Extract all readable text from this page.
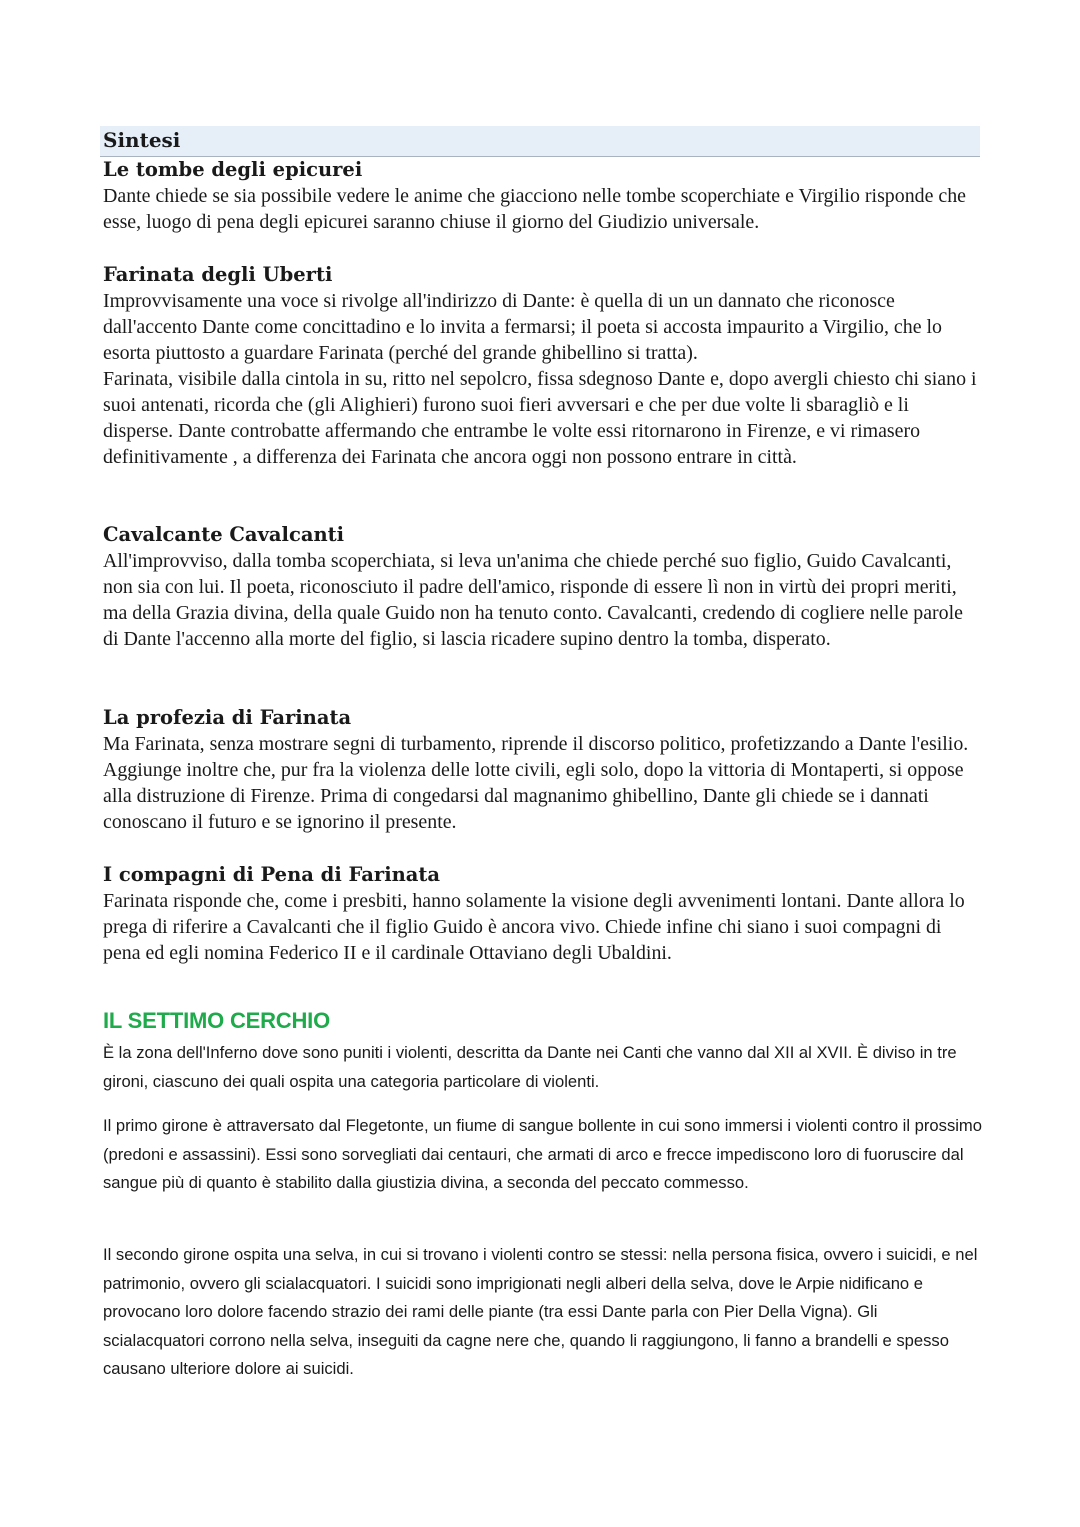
Sintesi
Le tombe degli epicurei

Dante chiede se sia possibile vedere le anime che giacciono nelle tombe scoperchiate e Virgilio risponde che esse, luogo di pena degli epicurei saranno chiuse il giorno del Giudizio universale.

Farinata degli Uberti

Improvvisamente una voce si rivolge all'indirizzo di Dante: è quella di un un dannato che riconosce dall'accento Dante come concittadino e lo invita a fermarsi; il poeta si accosta impaurito a Virgilio, che lo esorta piuttosto a guardare Farinata (perché del grande ghibellino si tratta).

Farinata, visibile dalla cintola in su, ritto nel sepolcro, fissa sdegnoso Dante e, dopo avergli chiesto chi siano i suoi antenati, ricorda che (gli Alighieri) furono suoi fieri avversari e che per due volte li sbaragliò e li disperse. Dante controbatte affermando che entrambe le volte essi ritornarono in Firenze, e vi rimasero definitivamente , a differenza dei Farinata che ancora oggi non possono entrare in città.

Cavalcante Cavalcanti

All'improvviso, dalla tomba scoperchiata, si leva un'anima che chiede perché suo figlio, Guido Cavalcanti, non sia con lui. Il poeta, riconosciuto il padre dell'amico, risponde di essere lì non in virtù dei propri meriti, ma della Grazia divina, della quale Guido non ha tenuto conto. Cavalcanti, credendo di cogliere nelle parole di Dante l'accenno alla morte del figlio, si lascia ricadere supino dentro la tomba, disperato.

La profezia di Farinata

Ma Farinata, senza mostrare segni di turbamento, riprende il discorso politico, profetizzando a Dante l'esilio. Aggiunge inoltre che, pur fra la violenza delle lotte civili, egli solo, dopo la vittoria di Montaperti, si oppose alla distruzione di Firenze. Prima di congedarsi dal magnanimo ghibellino, Dante gli chiede se i dannati conoscano il futuro e se ignorino il presente.

I compagni di Pena di Farinata

Farinata risponde che, come i presbiti, hanno solamente la visione degli avvenimenti lontani. Dante allora lo prega di riferire a Cavalcanti che il figlio Guido è ancora vivo. Chiede infine chi siano i suoi compagni di pena ed egli nomina Federico II e il cardinale Ottaviano degli Ubaldini.

IL SETTIMO CERCHIO

È la zona dell'Inferno dove sono puniti i violenti, descritta da Dante nei Canti che vanno dal XII al XVII. È diviso in tre gironi, ciascuno dei quali ospita una categoria particolare di violenti.

Il primo girone è attraversato dal Flegetonte, un fiume di sangue bollente in cui sono immersi i violenti contro il prossimo (predoni e assassini). Essi sono sorvegliati dai centauri, che armati di arco e frecce impediscono loro di fuoruscire dal sangue più di quanto è stabilito dalla giustizia divina, a seconda del peccato commesso.

Il secondo girone ospita una selva, in cui si trovano i violenti contro se stessi: nella persona fisica, ovvero i suicidi, e nel patrimonio, ovvero gli scialacquatori. I suicidi sono imprigionati negli alberi della selva, dove le Arpie nidificano e provocano loro dolore facendo strazio dei rami delle piante (tra essi Dante parla con Pier Della Vigna). Gli scialacquatori corrono nella selva, inseguiti da cagne nere che, quando li raggiungono, li fanno a brandelli e spesso causano ulteriore dolore ai suicidi.
